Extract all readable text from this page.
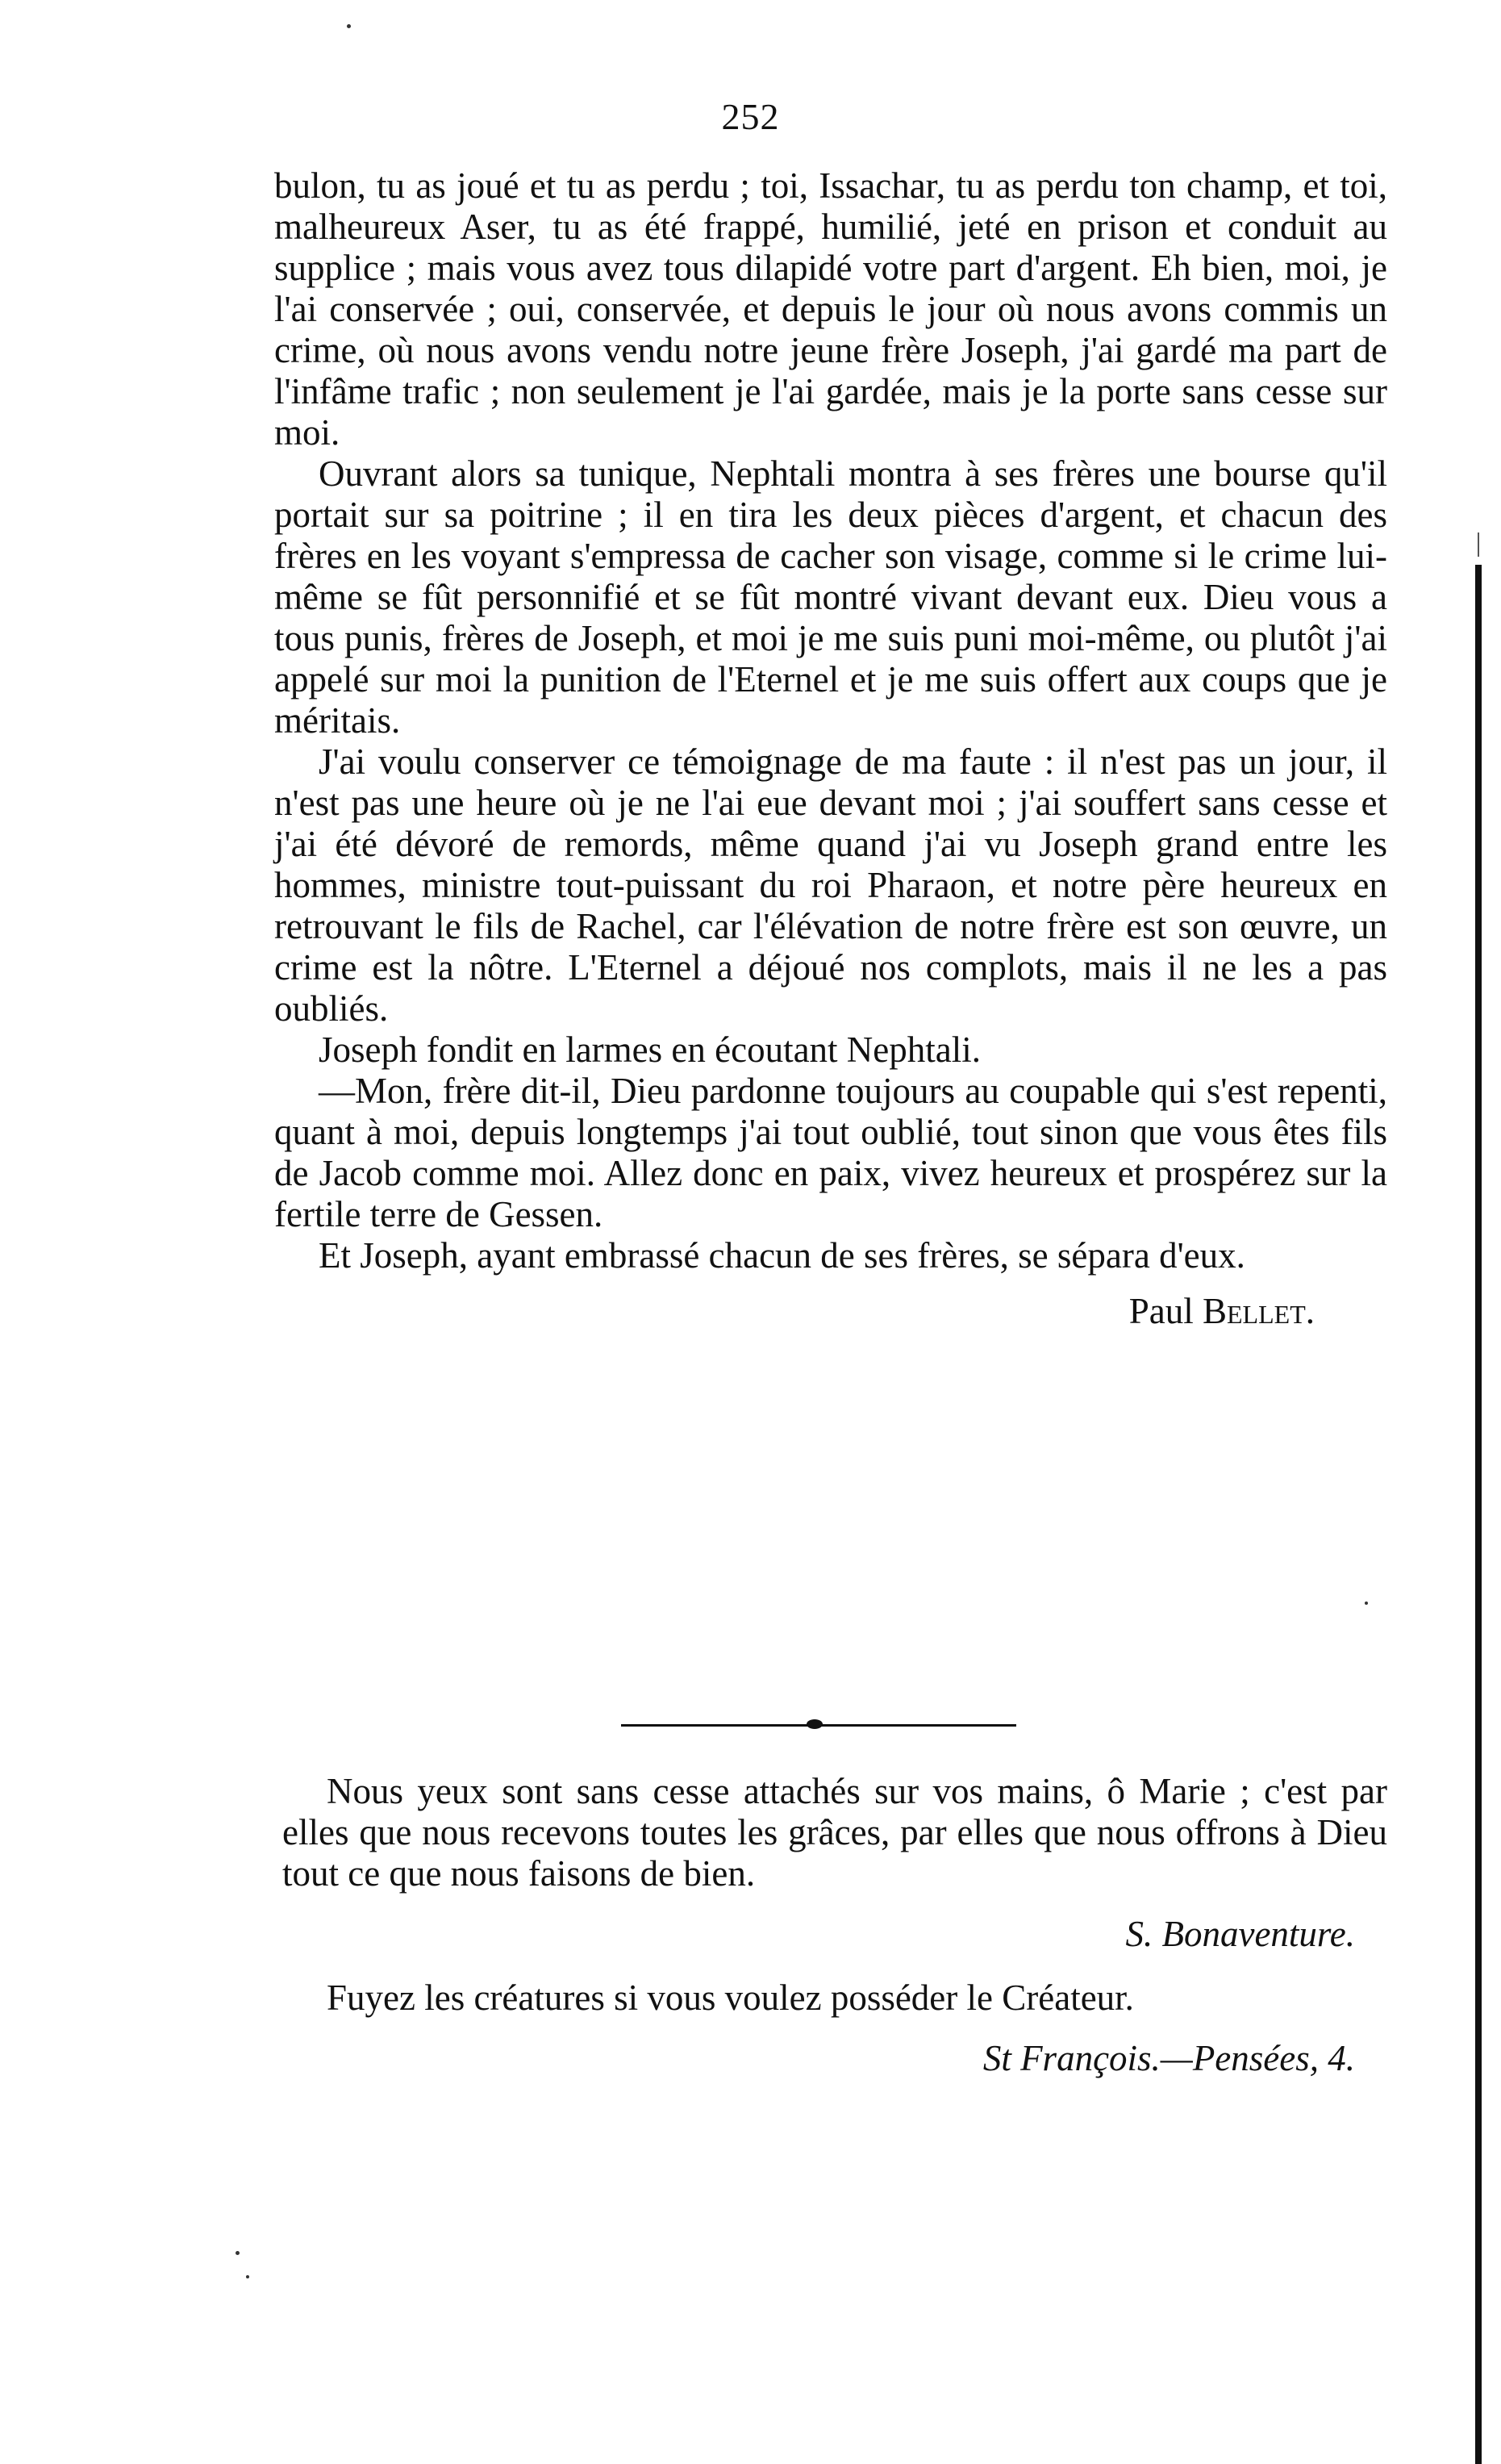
252

bulon, tu as joué et tu as perdu ; toi, Issachar, tu as perdu ton champ, et toi, malheureux Aser, tu as été frappé, humilié, jeté en prison et conduit au supplice ; mais vous avez tous dilapidé votre part d'argent. Eh bien, moi, je l'ai conservée ; oui, conservée, et depuis le jour où nous avons commis un crime, où nous avons vendu notre jeune frère Joseph, j'ai gardé ma part de l'infâme trafic ; non seulement je l'ai gardée, mais je la porte sans cesse sur moi.

Ouvrant alors sa tunique, Nephtali montra à ses frères une bourse qu'il portait sur sa poitrine ; il en tira les deux pièces d'argent, et chacun des frères en les voyant s'empressa de cacher son visage, comme si le crime lui-même se fût personnifié et se fût montré vivant devant eux. Dieu vous a tous punis, frères de Joseph, et moi je me suis puni moi-même, ou plutôt j'ai appelé sur moi la punition de l'Eternel et je me suis offert aux coups que je méritais.

J'ai voulu conserver ce témoignage de ma faute : il n'est pas un jour, il n'est pas une heure où je ne l'ai eue devant moi ; j'ai souffert sans cesse et j'ai été dévoré de remords, même quand j'ai vu Joseph grand entre les hommes, ministre tout-puissant du roi Pharaon, et notre père heureux en retrouvant le fils de Rachel, car l'élévation de notre frère est son œuvre, un crime est la nôtre. L'Eternel a déjoué nos complots, mais il ne les a pas oubliés.

Joseph fondit en larmes en écoutant Nephtali.

—Mon, frère dit-il, Dieu pardonne toujours au coupable qui s'est repenti, quant à moi, depuis longtemps j'ai tout oublié, tout sinon que vous êtes fils de Jacob comme moi. Allez donc en paix, vivez heureux et prospérez sur la fertile terre de Gessen.

Et Joseph, ayant embrassé chacun de ses frères, se sépara d'eux.

Paul Bellet.

Nous yeux sont sans cesse attachés sur vos mains, ô Marie ; c'est par elles que nous recevons toutes les grâces, par elles que nous offrons à Dieu tout ce que nous faisons de bien.

S. Bonaventure.

Fuyez les créatures si vous voulez posséder le Créateur.

St François.—Pensées, 4.
